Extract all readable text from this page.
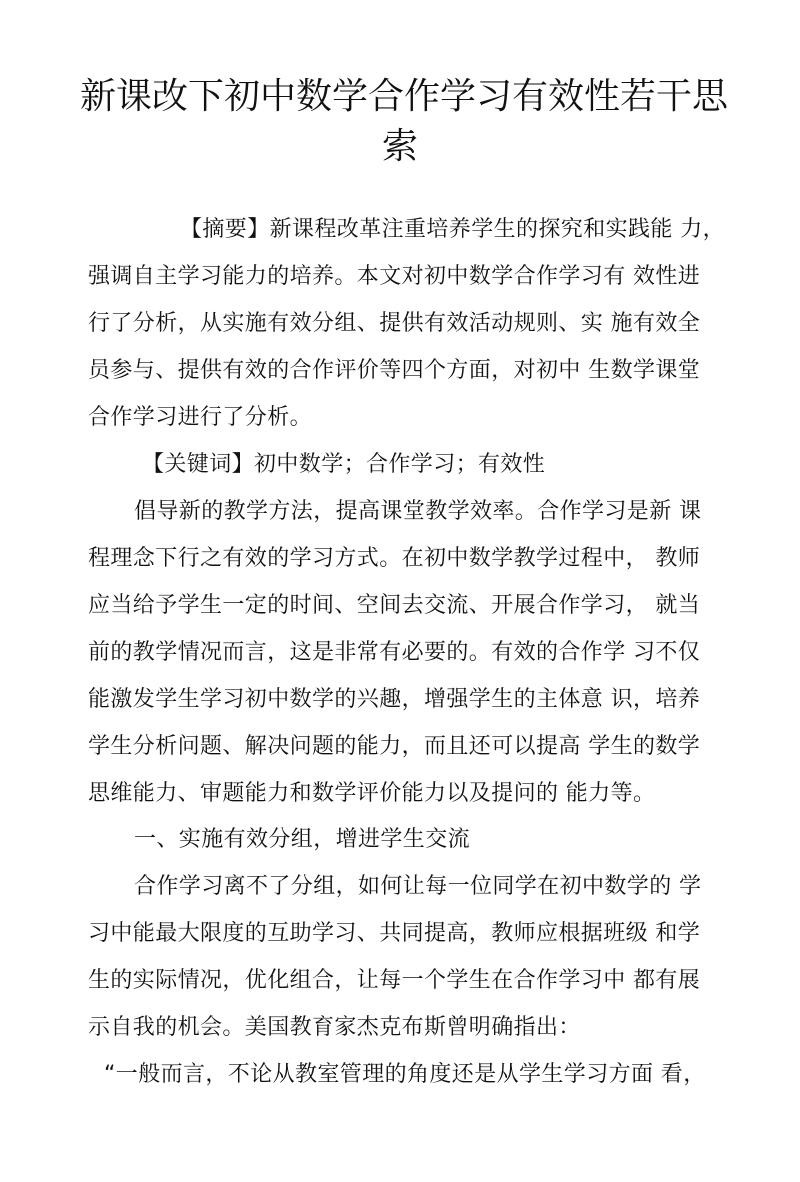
新课改下初中数学合作学习有效性若干思
索
【摘要】新课程改革注重培养学生的探究和实践能 力，
强调自主学习能力的培养。本文对初中数学合作学习有 效性进
行了分析，从实施有效分组、提供有效活动规则、实 施有效全
员参与、提供有效的合作评价等四个方面，对初中 生数学课堂
合作学习进行了分析。
【关键词】初中数学；合作学习；有效性
倡导新的教学方法，提高课堂教学效率。合作学习是新 课
程理念下行之有效的学习方式。在初中数学教学过程中， 教师
应当给予学生一定的时间、空间去交流、开展合作学习， 就当
前的教学情况而言，这是非常有必要的。有效的合作学 习不仅
能激发学生学习初中数学的兴趣，增强学生的主体意 识，培养
学生分析问题、解决问题的能力，而且还可以提高 学生的数学
思维能力、审题能力和数学评价能力以及提问的 能力等。
一、实施有效分组，增进学生交流
合作学习离不了分组，如何让每一位同学在初中数学的 学
习中能最大限度的互助学习、共同提高，教师应根据班级 和学
生的实际情况，优化组合，让每一个学生在合作学习中 都有展
示自我的机会。美国教育家杰克布斯曾明确指出：
“一般而言，不论从教室管理的角度还是从学生学习方面 看，
